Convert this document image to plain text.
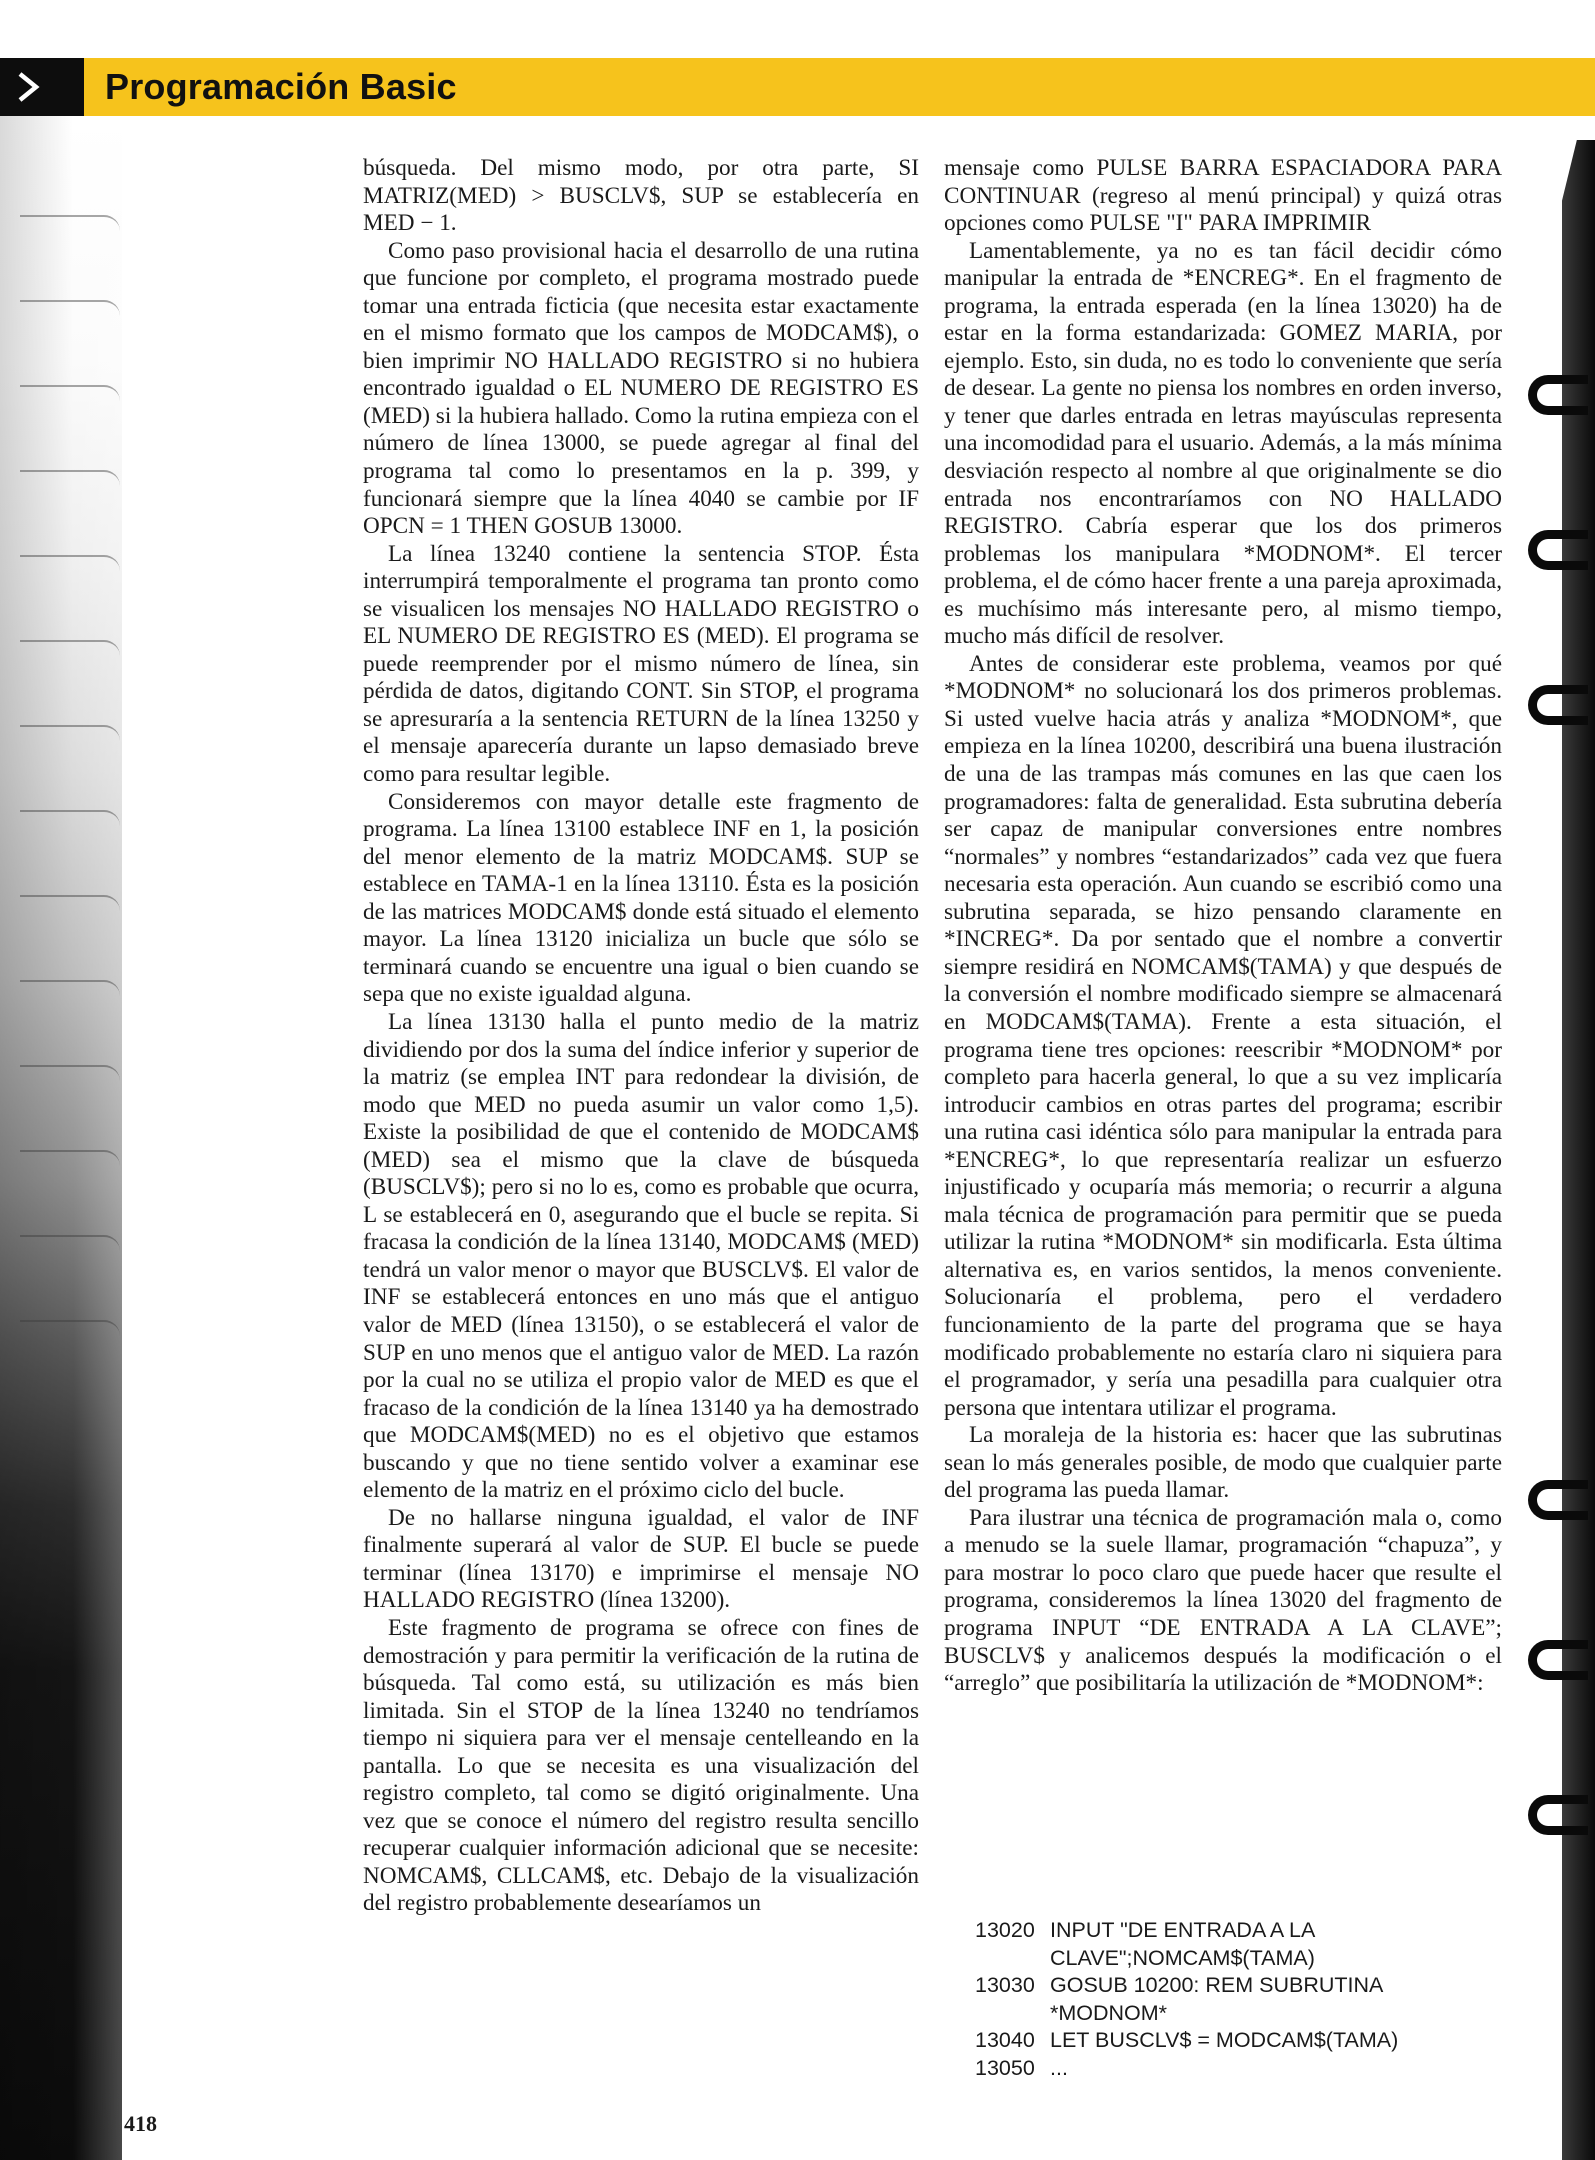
Programación Basic

búsqueda. Del mismo modo, por otra parte, SI MATRIZ(MED) > BUSCLV$, SUP se establecería en MED − 1.

Como paso provisional hacia el desarrollo de una rutina que funcione por completo, el programa mostrado puede tomar una entrada ficticia (que necesita estar exactamente en el mismo formato que los campos de MODCAM$), o bien imprimir NO HALLADO REGISTRO si no hubiera encontrado igualdad o EL NUMERO DE REGISTRO ES (MED) si la hubiera hallado. Como la rutina empieza con el número de línea 13000, se puede agregar al final del programa tal como lo presentamos en la p. 399, y funcionará siempre que la línea 4040 se cambie por IF OPCN = 1 THEN GOSUB 13000.

La línea 13240 contiene la sentencia STOP. Ésta interrumpirá temporalmente el programa tan pronto como se visualicen los mensajes NO HALLADO REGISTRO o EL NUMERO DE REGISTRO ES (MED). El programa se puede reemprender por el mismo número de línea, sin pérdida de datos, digitando CONT. Sin STOP, el programa se apresuraría a la sentencia RETURN de la línea 13250 y el mensaje aparecería durante un lapso demasiado breve como para resultar legible.

Consideremos con mayor detalle este fragmento de programa. La línea 13100 establece INF en 1, la posición del menor elemento de la matriz MODCAM$. SUP se establece en TAMA-1 en la línea 13110. Ésta es la posición de las matrices MODCAM$ donde está situado el elemento mayor. La línea 13120 inicializa un bucle que sólo se terminará cuando se encuentre una igual o bien cuando se sepa que no existe igualdad alguna.

La línea 13130 halla el punto medio de la matriz dividiendo por dos la suma del índice inferior y superior de la matriz (se emplea INT para redondear la división, de modo que MED no pueda asumir un valor como 1,5). Existe la posibilidad de que el contenido de MODCAM$ (MED) sea el mismo que la clave de búsqueda (BUSCLV$); pero si no lo es, como es probable que ocurra, L se establecerá en 0, asegurando que el bucle se repita. Si fracasa la condición de la línea 13140, MODCAM$ (MED) tendrá un valor menor o mayor que BUSCLV$. El valor de INF se establecerá entonces en uno más que el antiguo valor de MED (línea 13150), o se establecerá el valor de SUP en uno menos que el antiguo valor de MED. La razón por la cual no se utiliza el propio valor de MED es que el fracaso de la condición de la línea 13140 ya ha demostrado que MODCAM$(MED) no es el objetivo que estamos buscando y que no tiene sentido volver a examinar ese elemento de la matriz en el próximo ciclo del bucle.

De no hallarse ninguna igualdad, el valor de INF finalmente superará al valor de SUP. El bucle se puede terminar (línea 13170) e imprimirse el mensaje NO HALLADO REGISTRO (línea 13200).

Este fragmento de programa se ofrece con fines de demostración y para permitir la verificación de la rutina de búsqueda. Tal como está, su utilización es más bien limitada. Sin el STOP de la línea 13240 no tendríamos tiempo ni siquiera para ver el mensaje centelleando en la pantalla. Lo que se necesita es una visualización del registro completo, tal como se digitó originalmente. Una vez que se conoce el número del registro resulta sencillo recuperar cualquier información adicional que se necesite: NOMCAM$, CLLCAM$, etc. Debajo de la visualización del registro probablemente desearíamos un

mensaje como PULSE BARRA ESPACIADORA PARA CONTINUAR (regreso al menú principal) y quizá otras opciones como PULSE "I" PARA IMPRIMIR

Lamentablemente, ya no es tan fácil decidir cómo manipular la entrada de *ENCREG*. En el fragmento de programa, la entrada esperada (en la línea 13020) ha de estar en la forma estandarizada: GOMEZ MARIA, por ejemplo. Esto, sin duda, no es todo lo conveniente que sería de desear. La gente no piensa los nombres en orden inverso, y tener que darles entrada en letras mayúsculas representa una incomodidad para el usuario. Además, a la más mínima desviación respecto al nombre al que originalmente se dio entrada nos encontraríamos con NO HALLADO REGISTRO. Cabría esperar que los dos primeros problemas los manipulara *MODNOM*. El tercer problema, el de cómo hacer frente a una pareja aproximada, es muchísimo más interesante pero, al mismo tiempo, mucho más difícil de resolver.

Antes de considerar este problema, veamos por qué *MODNOM* no solucionará los dos primeros problemas. Si usted vuelve hacia atrás y analiza *MODNOM*, que empieza en la línea 10200, describirá una buena ilustración de una de las trampas más comunes en las que caen los programadores: falta de generalidad. Esta subrutina debería ser capaz de manipular conversiones entre nombres “normales” y nombres “estandarizados” cada vez que fuera necesaria esta operación. Aun cuando se escribió como una subrutina separada, se hizo pensando claramente en *INCREG*. Da por sentado que el nombre a convertir siempre residirá en NOMCAM$(TAMA) y que después de la conversión el nombre modificado siempre se almacenará en MODCAM$(TAMA). Frente a esta situación, el programa tiene tres opciones: reescribir *MODNOM* por completo para hacerla general, lo que a su vez implicaría introducir cambios en otras partes del programa; escribir una rutina casi idéntica sólo para manipular la entrada para *ENCREG*, lo que representaría realizar un esfuerzo injustificado y ocuparía más memoria; o recurrir a alguna mala técnica de programación para permitir que se pueda utilizar la rutina *MODNOM* sin modificarla. Esta última alternativa es, en varios sentidos, la menos conveniente. Solucionaría el problema, pero el verdadero funcionamiento de la parte del programa que se haya modificado probablemente no estaría claro ni siquiera para el programador, y sería una pesadilla para cualquier otra persona que intentara utilizar el programa.

La moraleja de la historia es: hacer que las subrutinas sean lo más generales posible, de modo que cualquier parte del programa las pueda llamar.

Para ilustrar una técnica de programación mala o, como a menudo se la suele llamar, programación “chapuza”, y para mostrar lo poco claro que puede hacer que resulte el programa, consideremos la línea 13020 del fragmento de programa INPUT “DE ENTRADA A LA CLAVE”; BUSCLV$ y analicemos después la modificación o el “arreglo” que posibilitaría la utilización de *MODNOM*:

13020 INPUT "DE ENTRADA A LA
CLAVE";NOMCAM$(TAMA)
13030 GOSUB 10200: REM SUBRUTINA
*MODNOM*
13040 LET BUSCLV$ = MODCAM$(TAMA)
13050 ...
418
